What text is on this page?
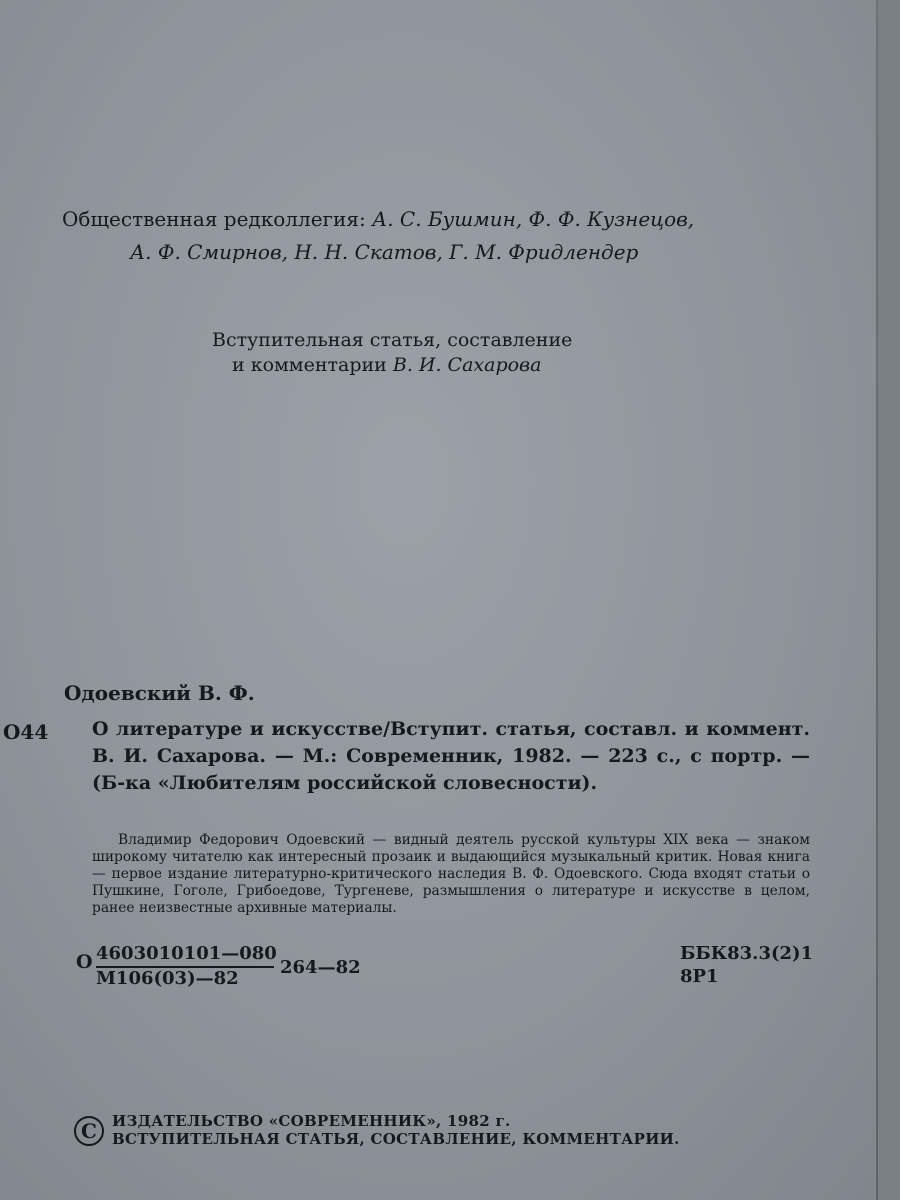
Общественная редколлегия: А. С. Бушмин, Ф. Ф. Кузнецов,
А. Ф. Смирнов, Н. Н. Скатов, Г. М. Фридлендер
Вступительная статья, составление
и комментарии В. И. Сахарова
Одоевский В. Ф.
О44 О литературе и искусстве/Вступит. статья, составл. и коммент. В. И. Сахарова. — М.: Современник, 1982. — 223 с., с портр. — (Б-ка «Любителям российской словесности).
Владимир Федорович Одоевский — видный деятель русской культуры XIX века — знаком широкому читателю как интересный прозаик и выдающийся музыкальный критик. Новая книга — первое издание литературно-критического наследия В. Ф. Одоевского. Сюда входят статьи о Пушкине, Гоголе, Грибоедове, Тургеневе, размышления о литературе и искусстве в целом, ранее неизвестные архивные материалы.
О 4603010101—080
М106(03)—82
264—82
ББК83.3(2)1
8Р1
C ИЗДАТЕЛЬСТВО «СОВРЕМЕННИК», 1982 г.
ВСТУПИТЕЛЬНАЯ СТАТЬЯ, СОСТАВЛЕНИЕ, КОММЕНТАРИИ.
